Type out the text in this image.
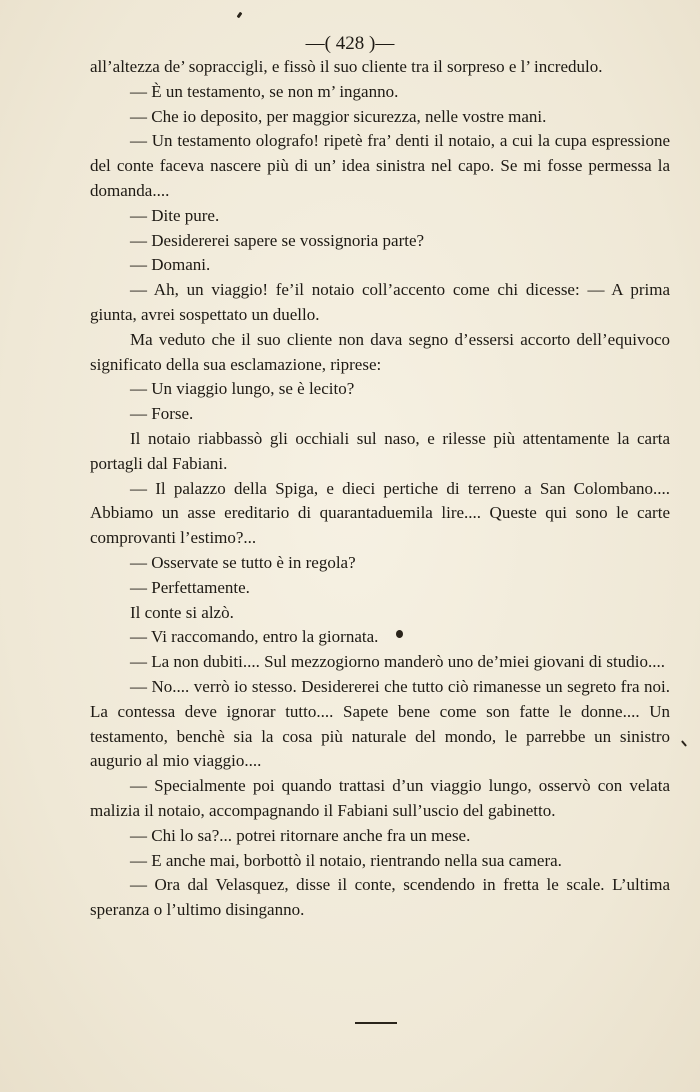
—( 428 )—

all’altezza de’ sopraccigli, e fissò il suo cliente tra il sorpreso e l’ incredulo.

— È un testamento, se non m’ inganno.

— Che io deposito, per maggior sicurezza, nelle vostre mani.

— Un testamento olografo! ripetè fra’ denti il notaio, a cui la cupa espressione del conte faceva nascere più di un’ idea sinistra nel capo. Se mi fosse permessa la domanda....

— Dite pure.

— Desidererei sapere se vossignoria parte?

— Domani.

— Ah, un viaggio! fe’il notaio coll’accento come chi dicesse: — A prima giunta, avrei sospettato un duello.

Ma veduto che il suo cliente non dava segno d’essersi accorto dell’equivoco significato della sua esclamazione, riprese:

— Un viaggio lungo, se è lecito?

— Forse.

Il notaio riabbassò gli occhiali sul naso, e rilesse più attentamente la carta portagli dal Fabiani.

— Il palazzo della Spiga, e dieci pertiche di terreno a San Colombano.... Abbiamo un asse ereditario di quarantaduemila lire.... Queste qui sono le carte comprovanti l’estimo?...

— Osservate se tutto è in regola?

— Perfettamente.

Il conte si alzò.

— Vi raccomando, entro la giornata.

— La non dubiti.... Sul mezzogiorno manderò uno de’miei giovani di studio....

— No.... verrò io stesso. Desidererei che tutto ciò rimanesse un segreto fra noi. La contessa deve ignorar tutto.... Sapete bene come son fatte le donne.... Un testamento, benchè sia la cosa più naturale del mondo, le parrebbe un sinistro augurio al mio viaggio....

— Specialmente poi quando trattasi d’un viaggio lungo, osservò con velata malizia il notaio, accompagnando il Fabiani sull’uscio del gabinetto.

— Chi lo sa?... potrei ritornare anche fra un mese.

— E anche mai, borbottò il notaio, rientrando nella sua camera.

— Ora dal Velasquez, disse il conte, scendendo in fretta le scale. L’ultima speranza o l’ultimo disinganno.
